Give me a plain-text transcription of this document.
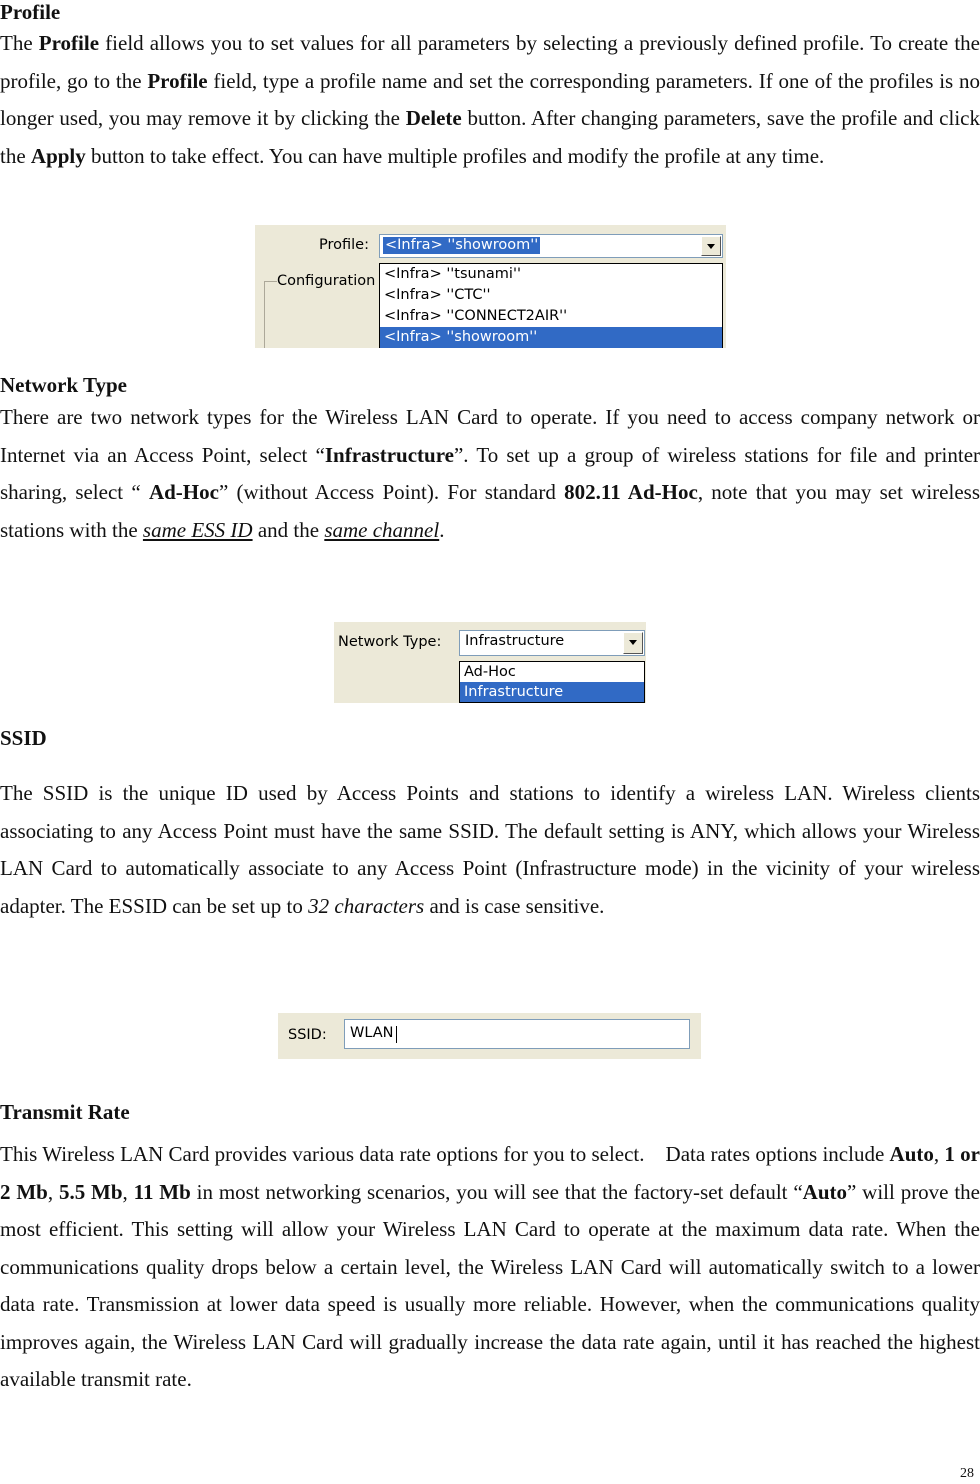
Profile

The Profile field allows you to set values for all parameters by selecting a previously defined profile. To create the profile, go to the Profile field, type a profile name and set the corresponding parameters. If one of the profiles is no longer used, you may remove it by clicking the Delete button. After changing parameters, save the profile and click the Apply button to take effect. You can have multiple profiles and modify the profile at any time.

Profile:
Configuration
<Infra> ''showroom''
<Infra> ''tsunami''
<Infra> ''CTC''
<Infra> ''CONNECT2AIR''
<Infra> ''showroom''
Network Type

There are two network types for the Wireless LAN Card to operate. If you need to access company network or Internet via an Access Point, select “Infrastructure”. To set up a group of wireless stations for file and printer sharing, select “ Ad-Hoc” (without Access Point). For standard 802.11 Ad-Hoc, note that you may set wireless stations with the same ESS ID and the same channel.

Network Type: Infrastructure
Ad-Hoc
Infrastructure
SSID

The SSID is the unique ID used by Access Points and stations to identify a wireless LAN. Wireless clients associating to any Access Point must have the same SSID. The default setting is ANY, which allows your Wireless LAN Card to automatically associate to any Access Point (Infrastructure mode) in the vicinity of your wireless adapter. The ESSID can be set up to 32 characters and is case sensitive.

SSID: WLAN
Transmit Rate

This Wireless LAN Card provides various data rate options for you to select.    Data rates options include Auto, 1 or 2 Mb, 5.5 Mb, 11 Mb in most networking scenarios, you will see that the factory-set default “Auto” will prove the most efficient. This setting will allow your Wireless LAN Card to operate at the maximum data rate. When the communications quality drops below a certain level, the Wireless LAN Card will automatically switch to a lower data rate. Transmission at lower data speed is usually more reliable. However, when the communications quality improves again, the Wireless LAN Card will gradually increase the data rate again, until it has reached the highest available transmit rate.

28
